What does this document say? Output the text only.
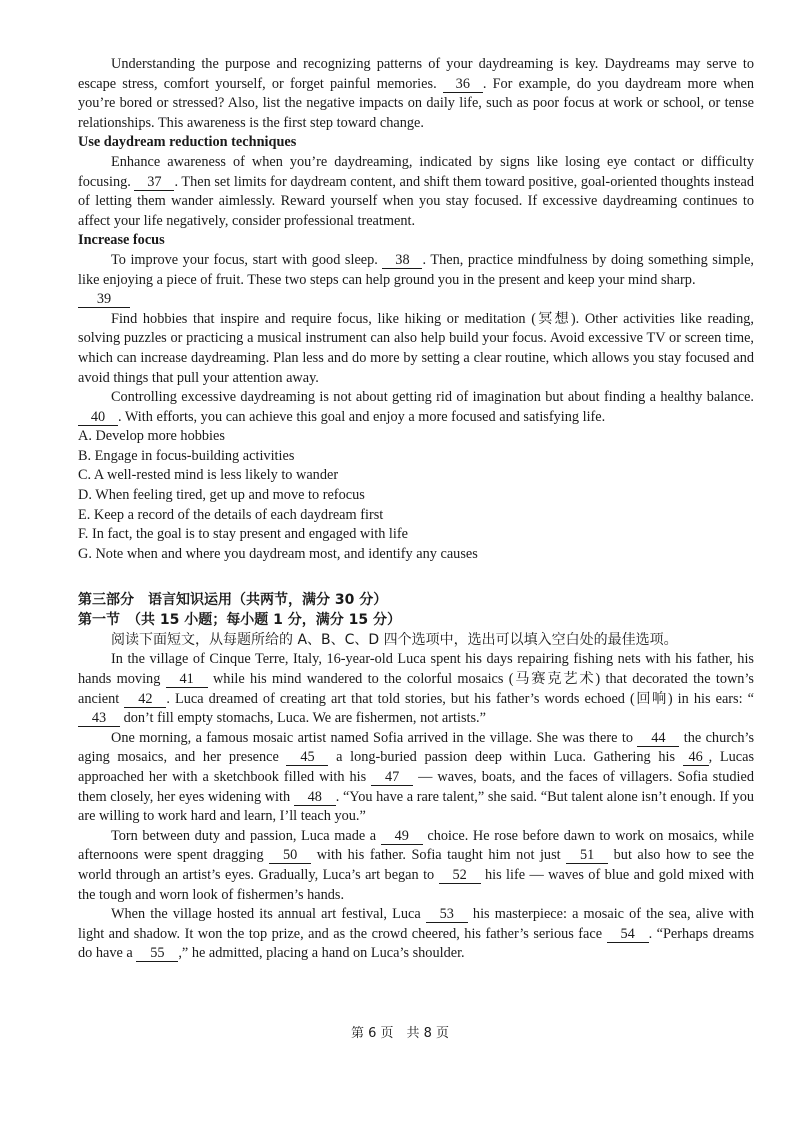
Understanding the purpose and recognizing patterns of your daydreaming is key. Daydreams may serve to escape stress, comfort yourself, or forget painful memories. 36 . For example, do you daydream more when you’re bored or stressed? Also, list the negative impacts on daily life, such as poor focus at work or school, or tense relationships. This awareness is the first step toward change.

Use daydream reduction techniques

Enhance awareness of when you’re daydreaming, indicated by signs like losing eye contact or difficulty focusing. 37 . Then set limits for daydream content, and shift them toward positive, goal-oriented thoughts instead of letting them wander aimlessly. Reward yourself when you stay focused. If excessive daydreaming continues to affect your life negatively, consider professional treatment.

Increase focus

To improve your focus, start with good sleep. 38 . Then, practice mindfulness by doing something simple, like enjoying a piece of fruit. These two steps can help ground you in the present and keep your mind sharp.

39

Find hobbies that inspire and require focus, like hiking or meditation (冥想). Other activities like reading, solving puzzles or practicing a musical instrument can also help build your focus. Avoid excessive TV or screen time, which can increase daydreaming. Plan less and do more by setting a clear routine, which allows you stay focused and avoid things that pull your attention away.

Controlling excessive daydreaming is not about getting rid of imagination but about finding a healthy balance. 40 . With efforts, you can achieve this goal and enjoy a more focused and satisfying life.

A. Develop more hobbies

B. Engage in focus-building activities

C. A well-rested mind is less likely to wander

D. When feeling tired, get up and move to refocus

E. Keep a record of the details of each daydream first

F. In fact, the goal is to stay present and engaged with life

G. Note when and where you daydream most, and identify any causes

第三部分　语言知识运用（共两节，满分 30 分）

第一节　（共 15 小题；每小题 1 分，满分 15 分）

阅读下面短文，从每题所给的 A、B、C、D 四个选项中，选出可以填入空白处的最佳选项。

In the village of Cinque Terre, Italy, 16-year-old Luca spent his days repairing fishing nets with his father, his hands moving 41 while his mind wandered to the colorful mosaics (马赛克艺术) that decorated the town’s ancient 42 . Luca dreamed of creating art that told stories, but his father’s words echoed (回响) in his ears: “43 don’t fill empty stomachs, Luca. We are fishermen, not artists.”

One morning, a famous mosaic artist named Sofia arrived in the village. She was there to 44 the church’s aging mosaics, and her presence 45 a long-buried passion deep within Luca. Gathering his 46 , Lucas approached her with a sketchbook filled with his 47 — waves, boats, and the faces of villagers. Sofia studied them closely, her eyes widening with 48 . “You have a rare talent,” she said. “But talent alone isn’t enough. If you are willing to work hard and learn, I’ll teach you.”

Torn between duty and passion, Luca made a 49 choice. He rose before dawn to work on mosaics, while afternoons were spent dragging 50 with his father. Sofia taught him not just 51 but also how to see the world through an artist’s eyes. Gradually, Luca’s art began to 52 his life — waves of blue and gold mixed with the tough and worn look of fishermen’s hands.

When the village hosted its annual art festival, Luca 53 his masterpiece: a mosaic of the sea, alive with light and shadow. It won the top prize, and as the crowd cheered, his father’s serious face 54 . “Perhaps dreams do have a 55 ,” he admitted, placing a hand on Luca’s shoulder.

第 6 页　共 8 页
